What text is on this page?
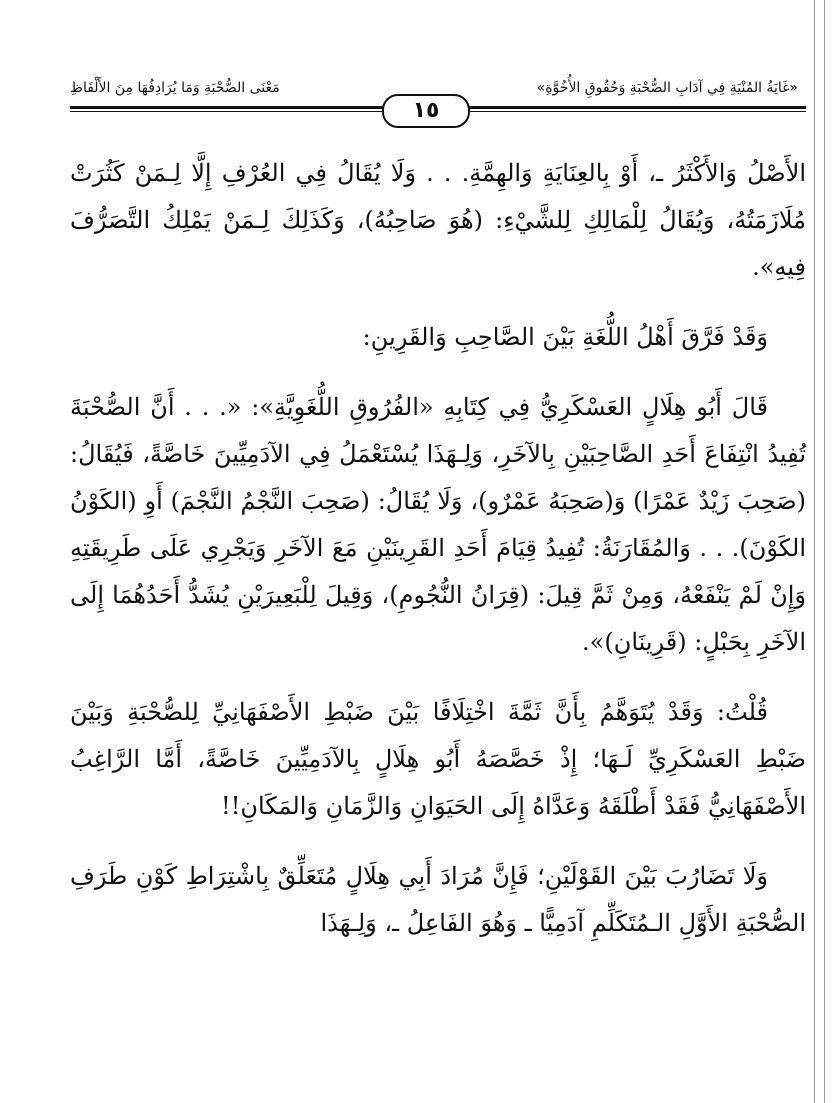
«غَايَةُ المُنْيَةِ فِي آدَابِ الصُّحْبَةِ وَحُقُوقِ الأُخُوَّةِ»
مَعْنَى الصُّحْبَةِ وَمَا يُرَادِفُهَا مِنَ الأَلْفَاظِ
١٥

الأَصْلُ وَالأَكْثَرُ ـ، أَوْ بِالعِنَايَةِ وَالهِمَّةِ. . . وَلَا يُقَالُ فِي العُرْفِ إِلَّا لِـمَنْ كَثُرَتْ مُلَازَمَتُهُ، وَيُقَالُ لِلْمَالِكِ لِلشَّيْءِ: (هُوَ صَاحِبُهُ)، وَكَذَلِكَ لِـمَنْ يَمْلِكُ التَّصَرُّفَ فِيهِ».

وَقَدْ فَرَّقَ أَهْلُ اللُّغَةِ بَيْنَ الصَّاحِبِ وَالقَرِينِ:

قَالَ أَبُو هِلَالٍ العَسْكَرِيُّ فِي كِتَابِهِ «الفُرُوقِ اللُّغَوِيَّةِ»: «. . . أَنَّ الصُّحْبَةَ تُفِيدُ انْتِفَاعَ أَحَدِ الصَّاحِبَيْنِ بِالآخَرِ، وَلِـهَذَا يُسْتَعْمَلُ فِي الآدَمِيِّينَ خَاصَّةً، فَيُقَالُ: (صَحِبَ زَيْدٌ عَمْرًا) وَ(صَحِبَهُ عَمْرٌو)، وَلَا يُقَالُ: (صَحِبَ النَّجْمُ النَّجْمَ) أَوِ (الكَوْنُ الكَوْنَ). . . وَالمُقَارَنَةُ: تُفِيدُ قِيَامَ أَحَدِ القَرِينَيْنِ مَعَ الآخَرِ وَيَجْرِي عَلَى طَرِيقَتِهِ وَإِنْ لَمْ يَنْفَعْهُ، وَمِنْ ثَمَّ قِيلَ: (قِرَانُ النُّجُومِ)، وَقِيلَ لِلْبَعِيرَيْنِ يُشَدُّ أَحَدُهُمَا إِلَى الآخَرِ بِحَبْلٍ: (قَرِينَانِ)».

قُلْتُ: وَقَدْ يُتَوَهَّمُ بِأَنَّ ثَمَّةَ اخْتِلَافًا بَيْنَ ضَبْطِ الأَصْفَهَانِيِّ لِلصُّحْبَةِ وَبَيْنَ ضَبْطِ العَسْكَرِيِّ لَـهَا؛ إِذْ خَصَّصَهُ أَبُو هِلَالٍ بِالآدَمِيِّينَ خَاصَّةً، أَمَّا الرَّاغِبُ الأَصْفَهَانِيُّ فَقَدْ أَطْلَقَهُ وَعَدَّاهُ إِلَى الحَيَوَانِ وَالزَّمَانِ وَالمَكَانِ!!

وَلَا تَضَارُبَ بَيْنَ القَوْلَيْنِ؛ فَإِنَّ مُرَادَ أَبِي هِلَالٍ مُتَعَلِّقٌ بِاشْتِرَاطِ كَوْنِ طَرَفِ الصُّحْبَةِ الأَوَّلِ الـمُتَكَلِّمِ آدَمِيًّا ـ وَهُوَ الفَاعِلُ ـ، وَلِـهَذَا
